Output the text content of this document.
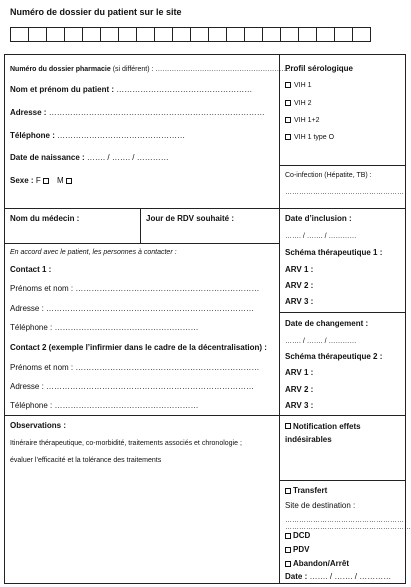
Numéro de dossier du patient sur le site
Numéro du dossier pharmacie (si différent) : ……………………………………………………
Nom et prénom du patient : ……………………………………………
Adresse : ………………………………………………………………………
Téléphone : …………………………………………
Date de naissance : ……. / ……. / …………
Sexe : F M
Profil sérologique
VIH 1
VIH 2
VIH 1+2
VIH 1 type O
Co-infection (Hépatite, TB) :
……………………………………………
Nom du médecin :	Jour de RDV souhaité :
En accord avec le patient, les personnes à contacter :
Contact 1 :
Prénoms et nom : ……………………………………………………………
Adresse : ……………………………………………………………………
Téléphone : ………………………………………………
Contact 2 (exemple l’infirmier dans le cadre de la décentralisation) :
Prénoms et nom : ……………………………………………………………
Adresse : ……………………………………………………………………
Téléphone : ………………………………………………
Date d’inclusion :
……. / ……. / …………
Schéma thérapeutique 1 :
ARV 1 :
ARV 2 :
ARV 3 :
Date de changement :
……. / ……. / …………
Schéma thérapeutique 2 :
ARV 1 :
ARV 2 :
ARV 3 :
Observations :
Itinéraire thérapeutique, co-morbidité, traitements associés et chronologie ;
évaluer l’efficacité et la tolérance des traitements
Notification effets
indésirables
Transfert
Site de destination :
……………………………………………
………………………………………………
DCD
PDV
Abandon/Arrêt
Date : ……. / ……. / …………
